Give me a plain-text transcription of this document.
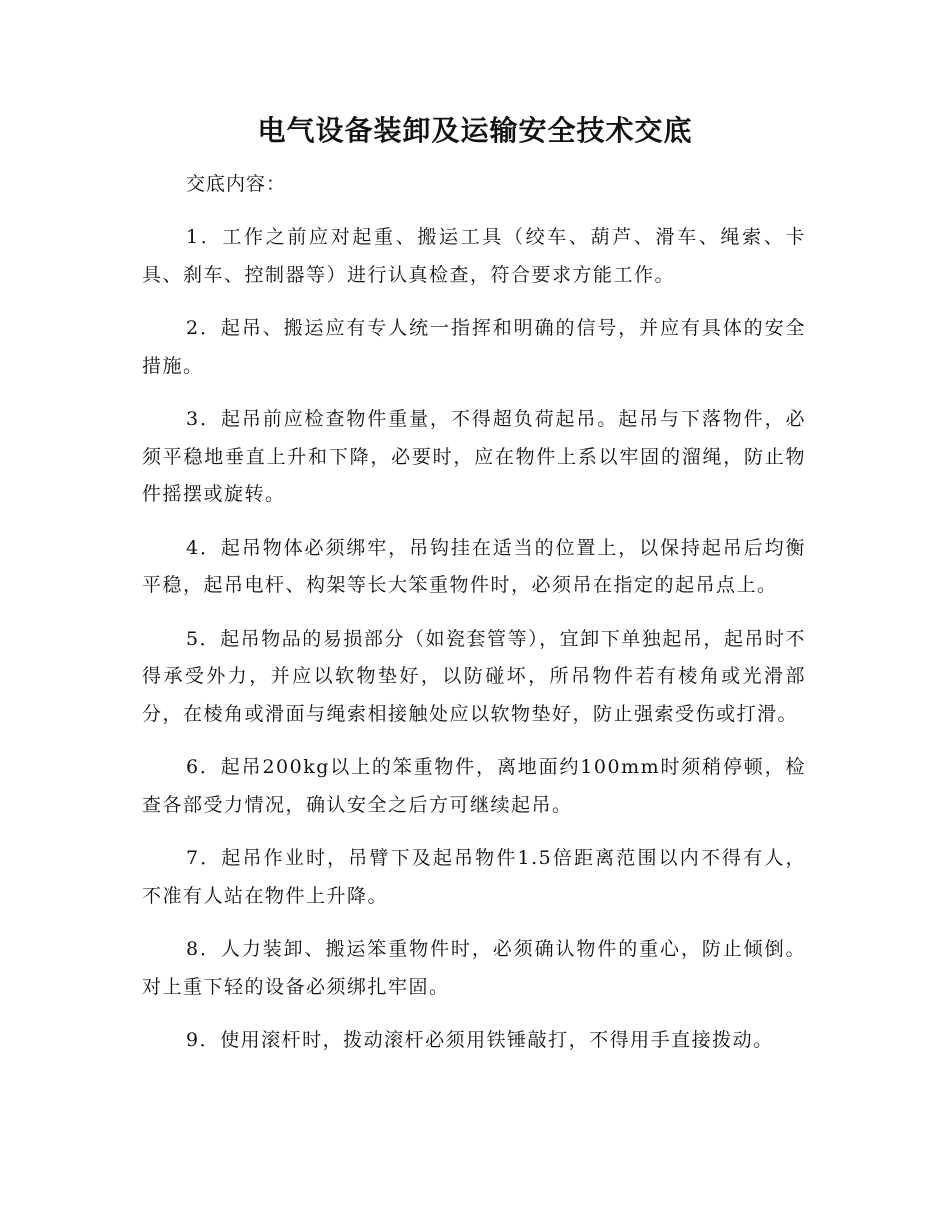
电气设备装卸及运输安全技术交底
交底内容：

1．工作之前应对起重、搬运工具（绞车、葫芦、滑车、绳索、卡具、刹车、控制器等）进行认真检查，符合要求方能工作。

2．起吊、搬运应有专人统一指挥和明确的信号，并应有具体的安全措施。

3．起吊前应检查物件重量，不得超负荷起吊。起吊与下落物件，必须平稳地垂直上升和下降，必要时，应在物件上系以牢固的溜绳，防止物件摇摆或旋转。

4．起吊物体必须绑牢，吊钩挂在适当的位置上，以保持起吊后均衡平稳，起吊电杆、构架等长大笨重物件时，必须吊在指定的起吊点上。

5．起吊物品的易损部分（如瓷套管等），宜卸下单独起吊，起吊时不得承受外力，并应以软物垫好，以防碰坏，所吊物件若有棱角或光滑部分，在棱角或滑面与绳索相接触处应以软物垫好，防止强索受伤或打滑。

6．起吊200kg以上的笨重物件，离地面约100mm时须稍停顿，检查各部受力情况，确认安全之后方可继续起吊。

7．起吊作业时，吊臂下及起吊物件1.5倍距离范围以内不得有人，不准有人站在物件上升降。

8．人力装卸、搬运笨重物件时，必须确认物件的重心，防止倾倒。对上重下轻的设备必须绑扎牢固。

9．使用滚杆时，拨动滚杆必须用铁锤敲打，不得用手直接拨动。
